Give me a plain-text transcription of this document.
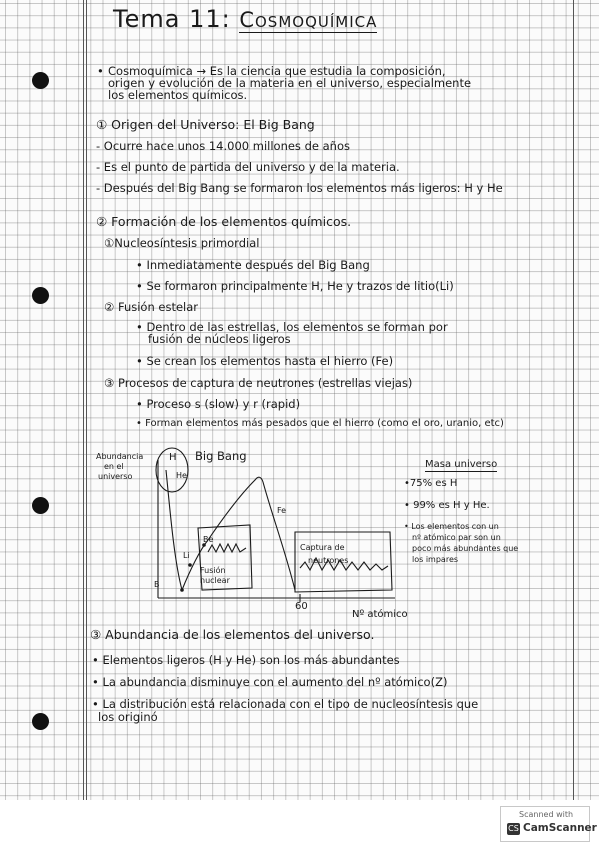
Tema 11: Cosmoquímica
• Cosmoquímica → Es la ciencia que estudia la composición,
origen y evolución de la materia en el universo, especialmente
los elementos químicos.
① Origen del Universo: El Big Bang
- Ocurre hace unos 14.000 millones de años
- Es el punto de partida del universo y de la materia.
- Después del Big Bang se formaron los elementos más ligeros: H y He
② Formación de los elementos químicos.
①Nucleosíntesis primordial
• Inmediatamente después del Big Bang
• Se formaron principalmente H, He y trazos de litio(Li)
② Fusión estelar
• Dentro de las estrellas, los elementos se forman por
fusión de núcleos ligeros
• Se crean los elementos hasta el hierro (Fe)
③ Procesos de captura de neutrones (estrellas viejas)
• Proceso s (slow) y r (rapid)
• Forman elementos más pesados que el hierro (como el oro, uranio, etc)
Abundancia
en el
universo
H
He
Big Bang
Fe
Be
Li
B
Fusión
nuclear
Captura de
neutrones
60
Nº atómico
Masa universo
•75% es H
• 99% es H y He.
• Los elementos con un
nº atómico par son un
poco más abundantes que
los impares
③ Abundancia de los elementos del universo.
• Elementos ligeros (H y He) son los más abundantes
• La abundancia disminuye con el aumento del nº atómico(Z)
• La distribución está relacionada con el tipo de nucleosíntesis que
los originó
Scanned with
CS CamScanner
